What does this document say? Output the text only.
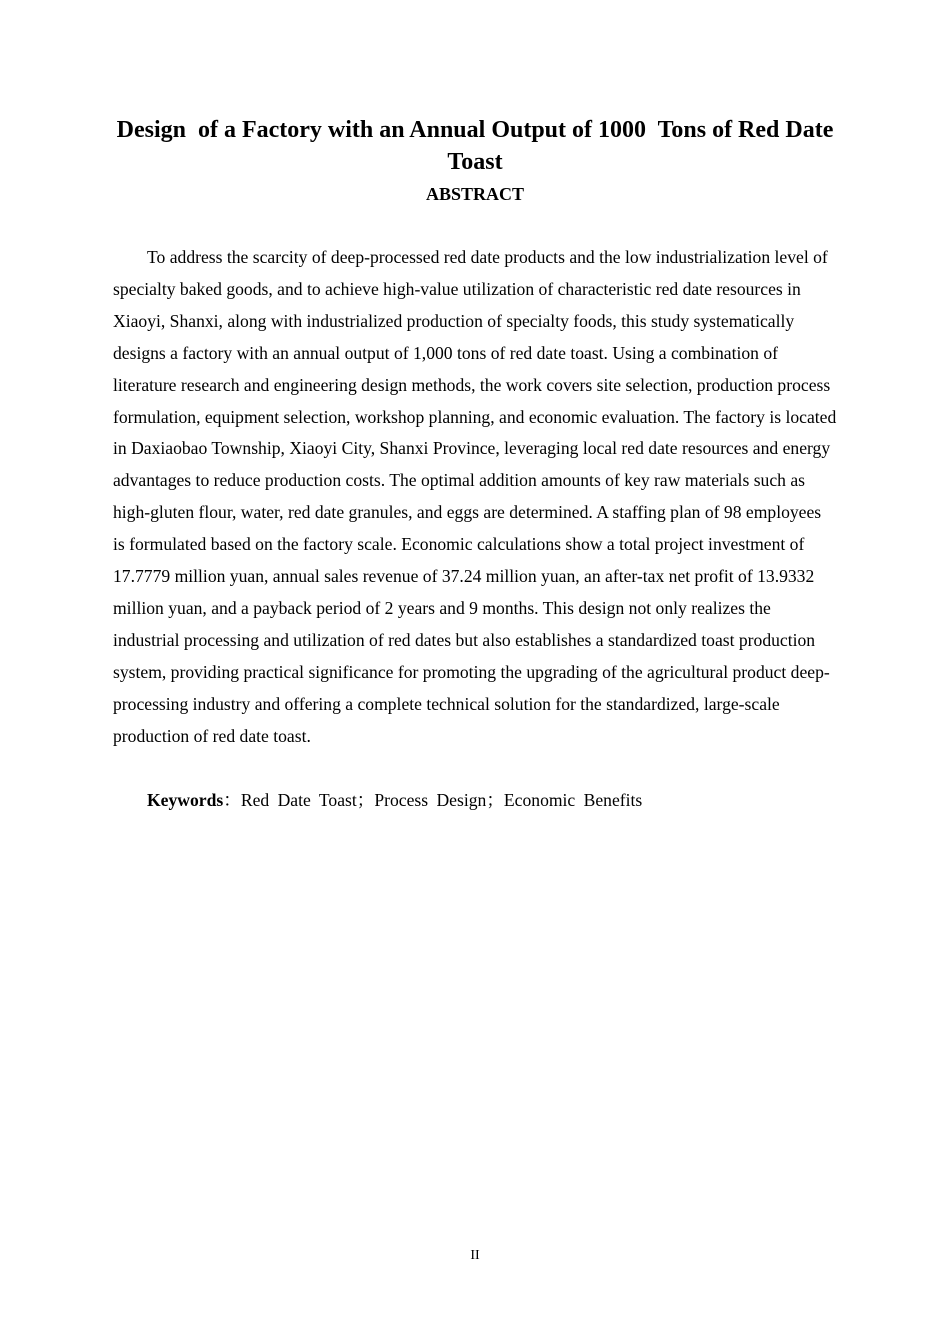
Design  of a Factory with an Annual Output of 1000  Tons of Red Date Toast
ABSTRACT

To address the scarcity of deep-processed red date products and the low industrialization level of specialty baked goods, and to achieve high-value utilization of characteristic red date resources in Xiaoyi, Shanxi, along with industrialized production of specialty foods, this study systematically designs a factory with an annual output of 1,000 tons of red date toast. Using a combination of literature research and engineering design methods, the work covers site selection, production process formulation, equipment selection, workshop planning, and economic evaluation. The factory is located in Daxiaobao Township, Xiaoyi City, Shanxi Province, leveraging local red date resources and energy advantages to reduce production costs. The optimal addition amounts of key raw materials such as high-gluten flour, water, red date granules, and eggs are determined. A staffing plan of 98 employees is formulated based on the factory scale. Economic calculations show a total project investment of 17.7779 million yuan, annual sales revenue of 37.24 million yuan, an after-tax net profit of 13.9332 million yuan, and a payback period of 2 years and 9 months. This design not only realizes the industrial processing and utilization of red dates but also establishes a standardized toast production system, providing practical significance for promoting the upgrading of the agricultural product deep-processing industry and offering a complete technical solution for the standardized, large-scale production of red date toast.

Keywords：Red Date Toast；Process Design；Economic Benefits

II
